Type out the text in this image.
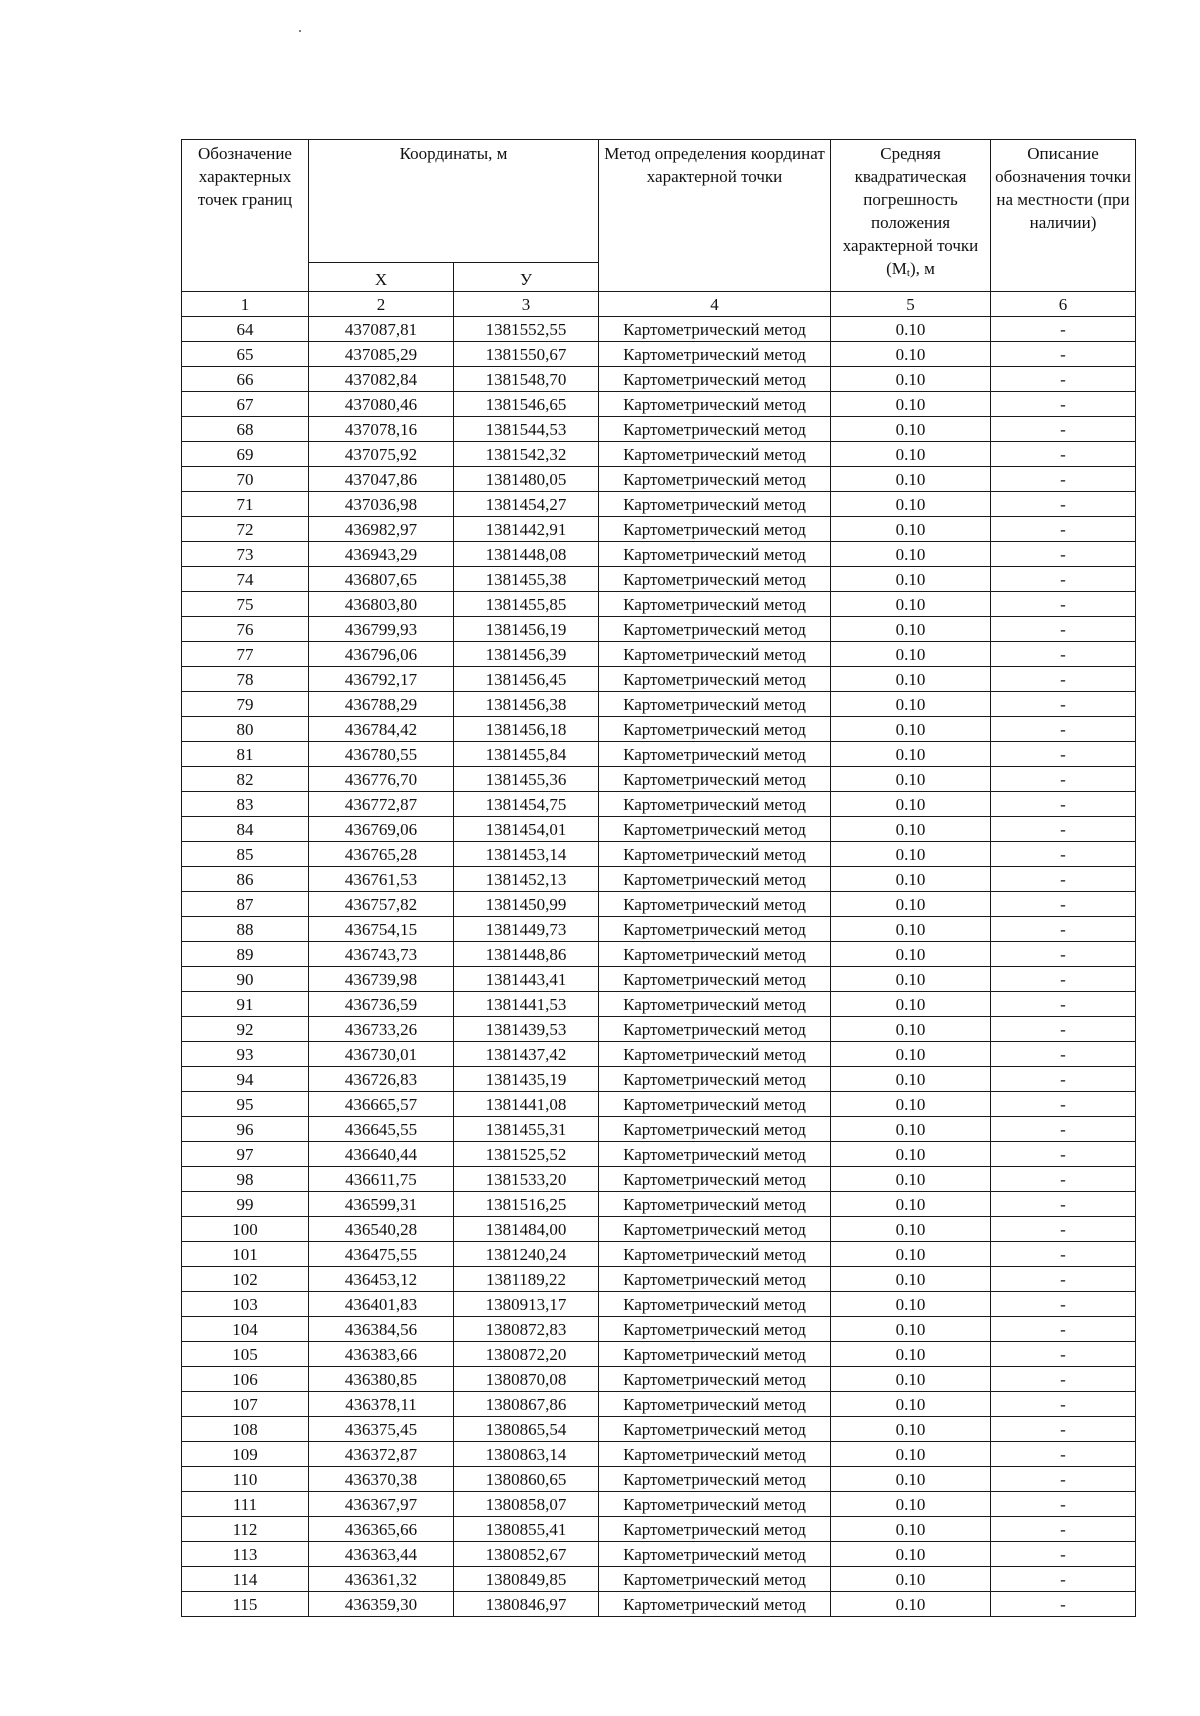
Обозначение характерных точек границ	Координаты, м		Метод определения координат характерной точки	Средняя квадратическая погрешность положения характерной точки (Mt), м	Описание обозначения точки на местности (при наличии)
	X	У			
1	2	3	4	5	6
64	437087,81	1381552,55	Картометрический метод	0.10	-
65	437085,29	1381550,67	Картометрический метод	0.10	-
66	437082,84	1381548,70	Картометрический метод	0.10	-
67	437080,46	1381546,65	Картометрический метод	0.10	-
68	437078,16	1381544,53	Картометрический метод	0.10	-
69	437075,92	1381542,32	Картометрический метод	0.10	-
70	437047,86	1381480,05	Картометрический метод	0.10	-
71	437036,98	1381454,27	Картометрический метод	0.10	-
72	436982,97	1381442,91	Картометрический метод	0.10	-
73	436943,29	1381448,08	Картометрический метод	0.10	-
74	436807,65	1381455,38	Картометрический метод	0.10	-
75	436803,80	1381455,85	Картометрический метод	0.10	-
76	436799,93	1381456,19	Картометрический метод	0.10	-
77	436796,06	1381456,39	Картометрический метод	0.10	-
78	436792,17	1381456,45	Картометрический метод	0.10	-
79	436788,29	1381456,38	Картометрический метод	0.10	-
80	436784,42	1381456,18	Картометрический метод	0.10	-
81	436780,55	1381455,84	Картометрический метод	0.10	-
82	436776,70	1381455,36	Картометрический метод	0.10	-
83	436772,87	1381454,75	Картометрический метод	0.10	-
84	436769,06	1381454,01	Картометрический метод	0.10	-
85	436765,28	1381453,14	Картометрический метод	0.10	-
86	436761,53	1381452,13	Картометрический метод	0.10	-
87	436757,82	1381450,99	Картометрический метод	0.10	-
88	436754,15	1381449,73	Картометрический метод	0.10	-
89	436743,73	1381448,86	Картометрический метод	0.10	-
90	436739,98	1381443,41	Картометрический метод	0.10	-
91	436736,59	1381441,53	Картометрический метод	0.10	-
92	436733,26	1381439,53	Картометрический метод	0.10	-
93	436730,01	1381437,42	Картометрический метод	0.10	-
94	436726,83	1381435,19	Картометрический метод	0.10	-
95	436665,57	1381441,08	Картометрический метод	0.10	-
96	436645,55	1381455,31	Картометрический метод	0.10	-
97	436640,44	1381525,52	Картометрический метод	0.10	-
98	436611,75	1381533,20	Картометрический метод	0.10	-
99	436599,31	1381516,25	Картометрический метод	0.10	-
100	436540,28	1381484,00	Картометрический метод	0.10	-
101	436475,55	1381240,24	Картометрический метод	0.10	-
102	436453,12	1381189,22	Картометрический метод	0.10	-
103	436401,83	1380913,17	Картометрический метод	0.10	-
104	436384,56	1380872,83	Картометрический метод	0.10	-
105	436383,66	1380872,20	Картометрический метод	0.10	-
106	436380,85	1380870,08	Картометрический метод	0.10	-
107	436378,11	1380867,86	Картометрический метод	0.10	-
108	436375,45	1380865,54	Картометрический метод	0.10	-
109	436372,87	1380863,14	Картометрический метод	0.10	-
110	436370,38	1380860,65	Картометрический метод	0.10	-
111	436367,97	1380858,07	Картометрический метод	0.10	-
112	436365,66	1380855,41	Картометрический метод	0.10	-
113	436363,44	1380852,67	Картометрический метод	0.10	-
114	436361,32	1380849,85	Картометрический метод	0.10	-
115	436359,30	1380846,97	Картометрический метод	0.10	-
